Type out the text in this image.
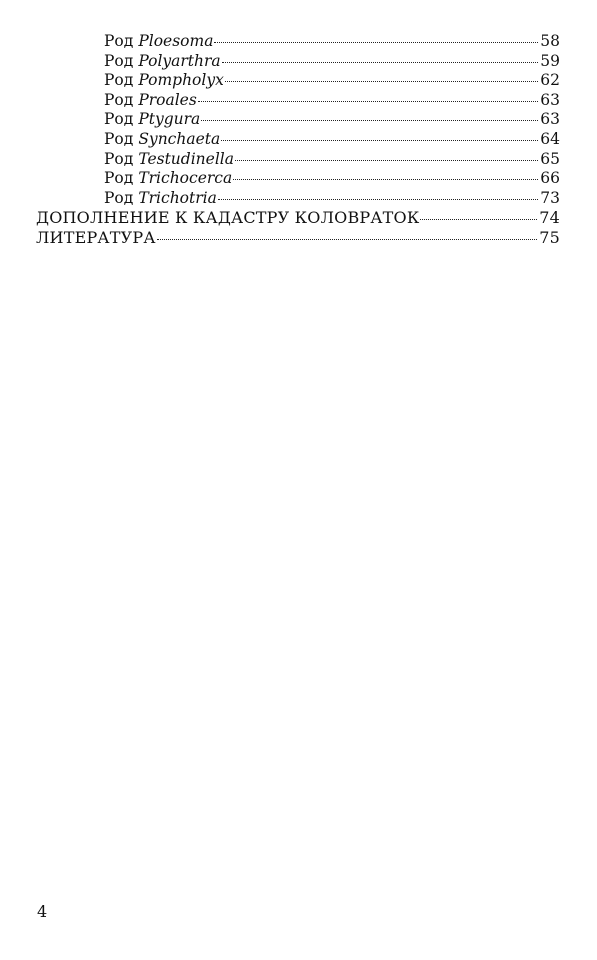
Род Ploesoma	58
Род Polyarthra	59
Род Pompholyx	62
Род Proales	63
Род Ptygura	63
Род Synchaeta	64
Род Testudinella	65
Род Trichocerca	66
Род Trichotria	73
ДОПОЛНЕНИЕ К КАДАСТРУ КОЛОВРАТОК	74
ЛИТЕРАТУРА	75
4
